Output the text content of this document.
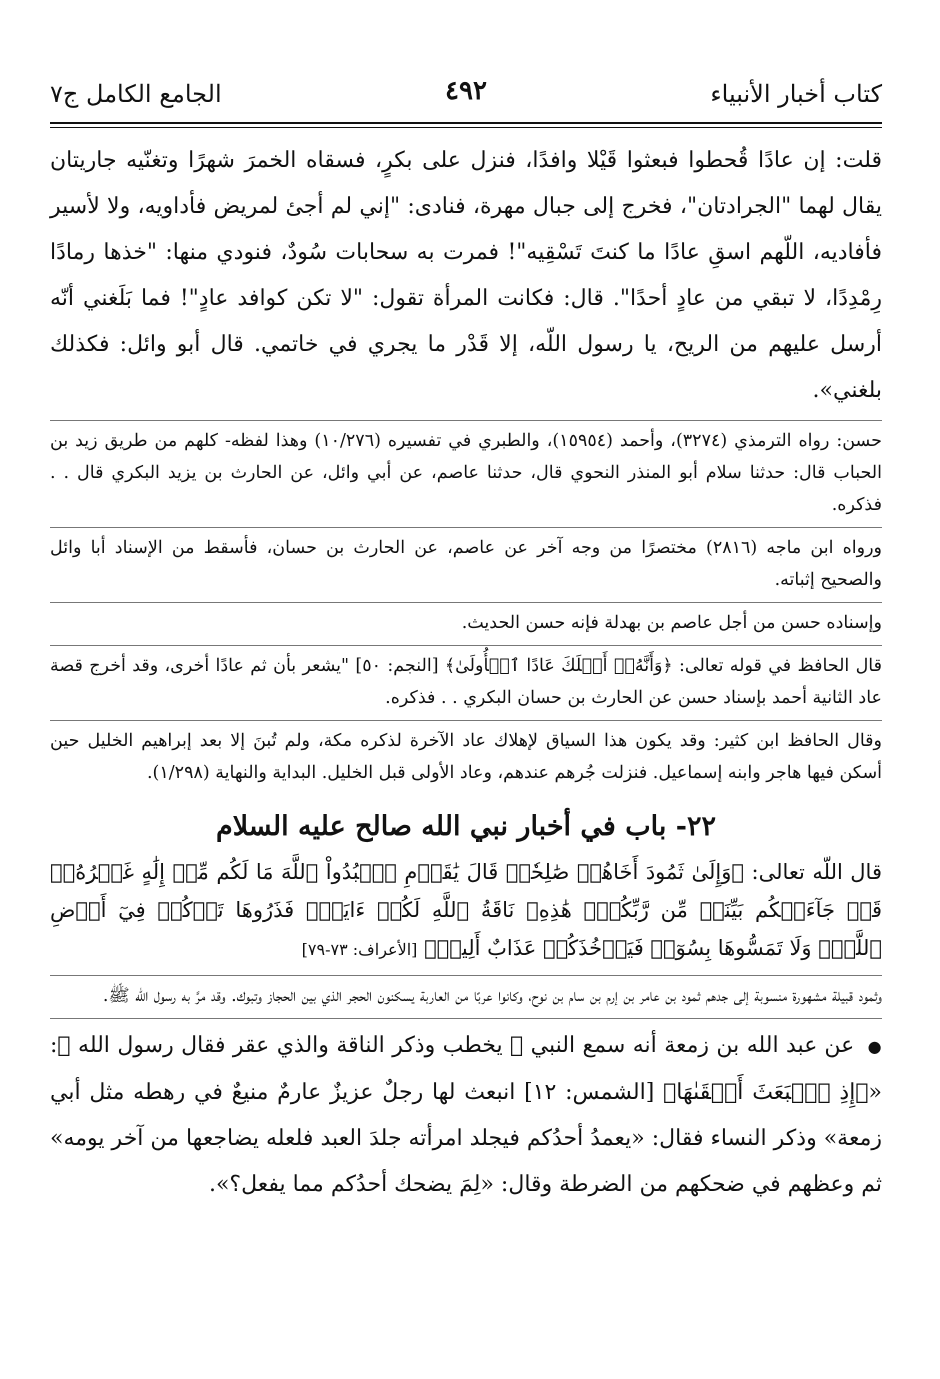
كتاب أخبار الأنبياء
٤٩٢
الجامع الكامل ج٧

قلت: إن عادًا قُحطوا فبعثوا قَيْلا وافدًا، فنزل على بكرٍ، فسقاه الخمرَ شهرًا وتغنّيه جاريتان يقال لهما "الجرادتان"، فخرج إلى جبال مهرة، فنادى: "إني لم أجئ لمريض فأداويه، ولا لأسير فأفاديه، اللّهم اسقِ عادًا ما كنتَ تَسْقِيه"! فمرت به سحابات سُودٌ، فنودي منها: "خذها رمادًا رِمْدِدًا، لا تبقي من عادٍ أحدًا". قال: فكانت المرأة تقول: "لا تكن كوافد عادٍ"! فما بَلَغني أنّه أرسل عليهم من الريح، يا رسول اللّه، إلا قَدْر ما يجري في خاتمي. قال أبو وائل: فكذلك بلغني».

حسن: رواه الترمذي (٣٢٧٤)، وأحمد (١٥٩٥٤)، والطبري في تفسيره (١٠/٢٧٦) وهذا لفظه- كلهم من طريق زيد بن الحباب قال: حدثنا سلام أبو المنذر النحوي قال، حدثنا عاصم، عن أبي وائل، عن الحارث بن يزيد البكري قال . . فذكره.

ورواه ابن ماجه (٢٨١٦) مختصرًا من وجه آخر عن عاصم، عن الحارث بن حسان، فأسقط من الإسناد أبا وائل والصحيح إثباته.

وإسناده حسن من أجل عاصم بن بهدلة فإنه حسن الحديث.

قال الحافظ في قوله تعالى: ﴿وَأَنَّهُۥٓ أَهۡلَكَ عَادًا ٱلۡأُولَىٰ﴾ [النجم: ٥٠] "يشعر بأن ثم عادًا أخرى، وقد أخرج قصة عاد الثانية أحمد بإسناد حسن عن الحارث بن حسان البكري . . فذكره.

وقال الحافظ ابن كثير: وقد يكون هذا السياق لإهلاك عاد الآخرة لذكره مكة، ولم تُبنَ إلا بعد إبراهيم الخليل حين أسكن فيها هاجر وابنه إسماعيل. فنزلت جُرهم عندهم، وعاد الأولى قبل الخليل. البداية والنهاية (١/٢٩٨).

٢٢- باب في أخبار نبي الله صالح عليه السلام

قال اللّه تعالى: ﴿وَإِلَىٰ ثَمُودَ أَخَاهُمۡ صَٰلِحٗاۚ قَالَ يَٰقَوۡمِ ٱعۡبُدُواْ ٱللَّهَ مَا لَكُم مِّنۡ إِلَٰهٍ غَيۡرُهُۥۖ قَدۡ جَآءَتۡكُم بَيِّنَةٞ مِّن رَّبِّكُمۡۖ هَٰذِهِۦ نَاقَةُ ٱللَّهِ لَكُمۡ ءَايَةٗۖ فَذَرُوهَا تَأۡكُلۡ فِيٓ أَرۡضِ ٱللَّهِۖ وَلَا تَمَسُّوهَا بِسُوٓءٖ فَيَأۡخُذَكُمۡ عَذَابٌ أَلِيمٞ﴾ [الأعراف: ٧٣-٧٩]

وثمود قبيلة مشهورة منسوبة إلى جدهم ثمود بن عامر بن إرم بن سام بن نوح، وكانوا عربًا من العاربة يسكنون الحجر الذي بين الحجاز وتبوك. وقد مرَّ به رسول الله ﷺ.

● عن عبد الله بن زمعة أنه سمع النبي ﷺ يخطب وذكر الناقة والذي عقر فقال رسول الله ﷺ: «﴿إِذِ ٱنۢبَعَثَ أَشۡقَىٰهَا﴾ [الشمس: ١٢] انبعث لها رجلٌ عزيزٌ عارمٌ منيعٌ في رهطه مثل أبي زمعة» وذكر النساء فقال: «يعمدُ أحدُكم فيجلد امرأته جلدَ العبد فلعله يضاجعها من آخر يومه» ثم وعظهم في ضحكهم من الضرطة وقال: «لِمَ يضحك أحدُكم مما يفعل؟».
